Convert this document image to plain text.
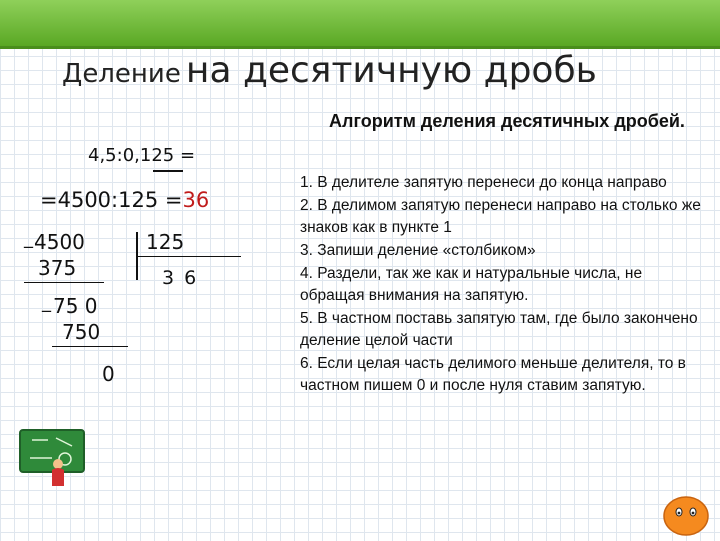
Деление на десятичную дробь
4,5:0,125 =
=4500:125 =36
_ 4500	125
375	3 6
_ 75 0
750
0
Алгоритм деления десятичных дробей.

1. В делителе запятую перенеси до конца направо

2. В делимом запятую перенеси направо на столько же знаков как в пункте 1

3. Запиши деление «столбиком»

4. Раздели, так же как и натуральные числа, не обращая внимания на запятую.

5. В частном поставь запятую там, где было закончено деление целой части

6. Если целая часть делимого меньше делителя, то в частном пишем 0 и после нуля ставим запятую.
